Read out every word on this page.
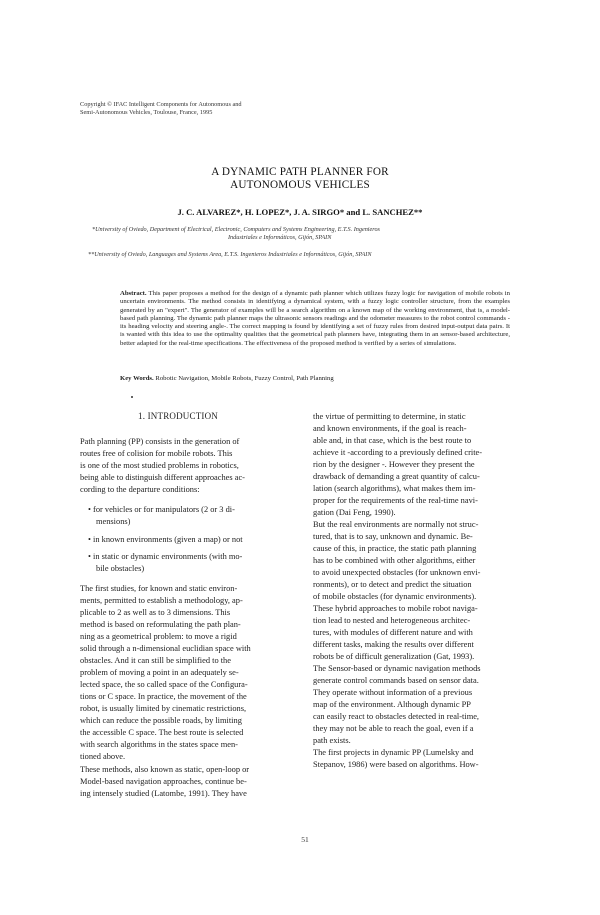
Copyright © IFAC Intelligent Components for Autonomous and
Semi-Autonomous Vehicles, Toulouse, France, 1995
A DYNAMIC PATH PLANNER FOR
AUTONOMOUS VEHICLES
J. C. ALVAREZ*, H. LOPEZ*, J. A. SIRGO* and L. SANCHEZ**
*University of Oviedo, Department of Electrical, Electronic, Computers and Systems Engineering, E.T.S. Ingenieros
Industriales e Informáticos, Gijón, SPAIN
**University of Oviedo, Languages and Systems Area, E.T.S. Ingenieros Industriales e Informáticos, Gijón, SPAIN
Abstract. This paper proposes a method for the design of a dynamic path planner which utilizes fuzzy logic for navigation of mobile robots in uncertain environments. The method consists in identifying a dynamical system, with a fuzzy logic controller structure, from the examples generated by an "expert". The generator of examples will be a search algorithm on a known map of the working environment, that is, a model-based path planning. The dynamic path planner maps the ultrasonic sensors readings and the odometer measures to the robot control commands -its heading velocity and steering angle-. The correct mapping is found by identifying a set of fuzzy rules from desired input-output data pairs. It is wanted with this idea to use the optimality qualities that the geometrical path planners have, integrating them in an sensor-based architecture, better adapted for the real-time specifications. The effectiveness of the proposed method is verified by a series of simulations.
Key Words. Robotic Navigation, Mobile Robots, Fuzzy Control, Path Planning
1. INTRODUCTION
Path planning (PP) consists in the generation of
routes free of colision for mobile robots. This
is one of the most studied problems in robotics,
being able to distinguish different approaches ac-
cording to the departure conditions:
• for vehicles or for manipulators (2 or 3 di-
mensions)
• in known environments (given a map) or not
• in static or dynamic environments (with mo-
bile obstacles)
The first studies, for known and static environ-
ments, permitted to establish a methodology, ap-
plicable to 2 as well as to 3 dimensions. This
method is based on reformulating the path plan-
ning as a geometrical problem: to move a rigid
solid through a n-dimensional euclidian space with
obstacles. And it can still be simplified to the
problem of moving a point in an adequately se-
lected space, the so called space of the Configura-
tions or C space. In practice, the movement of the
robot, is usually limited by cinematic restrictions,
which can reduce the possible roads, by limiting
the accessible C space. The best route is selected
with search algorithms in the states space men-
tioned above.
These methods, also known as static, open-loop or
Model-based navigation approaches, continue be-
ing intensely studied (Latombe, 1991). They have
the virtue of permitting to determine, in static
and known environments, if the goal is reach-
able and, in that case, which is the best route to
achieve it -according to a previously defined crite-
rion by the designer -. However they present the
drawback of demanding a great quantity of calcu-
lation (search algorithms), what makes them im-
proper for the requirements of the real-time navi-
gation (Dai Feng, 1990).
But the real environments are normally not struc-
tured, that is to say, unknown and dynamic. Be-
cause of this, in practice, the static path planning
has to be combined with other algorithms, either
to avoid unexpected obstacles (for unknown envi-
ronments), or to detect and predict the situation
of mobile obstacles (for dynamic environments).
These hybrid approaches to mobile robot naviga-
tion lead to nested and heterogeneous architec-
tures, with modules of different nature and with
different tasks, making the results over different
robots be of difficult generalization (Gat, 1993).
The Sensor-based or dynamic navigation methods
generate control commands based on sensor data.
They operate without information of a previous
map of the environment. Although dynamic PP
can easily react to obstacles detected in real-time,
they may not be able to reach the goal, even if a
path exists.
The first projects in dynamic PP (Lumelsky and
Stepanov, 1986) were based on algorithms. How-
51
